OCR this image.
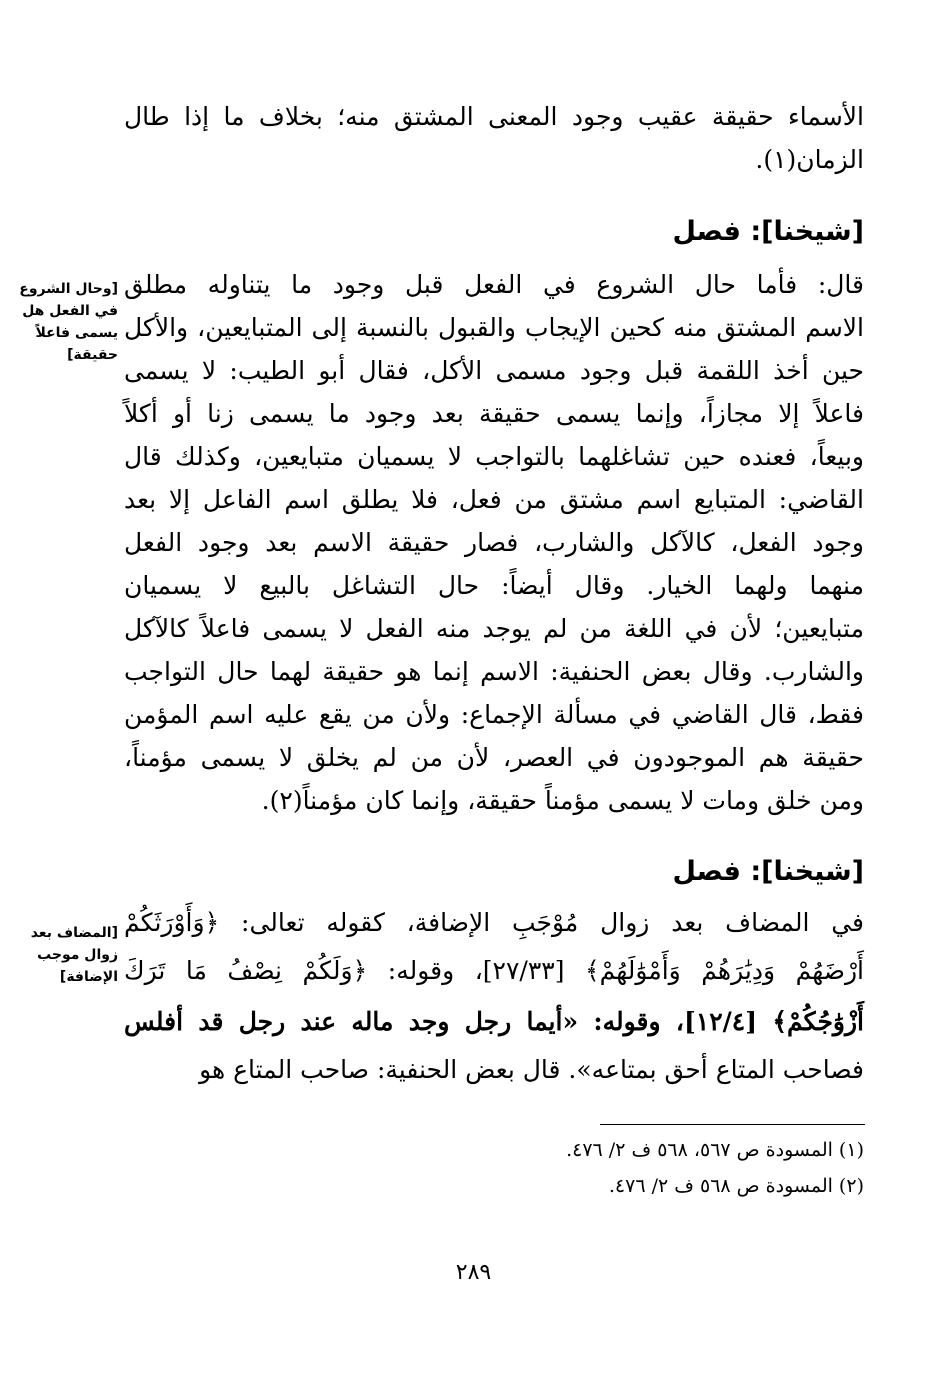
الأسماء حقيقة عقيب وجود المعنى المشتق منه؛ بخلاف ما إذا طال
الزمان(١).
[شيخنا]: فصل
قال: فأما حال الشروع في الفعل قبل وجود ما يتناوله مطلق
الاسم المشتق منه كحين الإيجاب والقبول بالنسبة إلى المتبايعين، والأكل
حين أخذ اللقمة قبل وجود مسمى الأكل، فقال أبو الطيب: لا يسمى
فاعلاً إلا مجازاً، وإنما يسمى حقيقة بعد وجود ما يسمى زنا أو أكلاً
وبيعاً، فعنده حين تشاغلهما بالتواجب لا يسميان متبايعين، وكذلك قال
القاضي: المتبايع اسم مشتق من فعل، فلا يطلق اسم الفاعل إلا بعد
وجود الفعل، كالآكل والشارب، فصار حقيقة الاسم بعد وجود الفعل
منهما ولهما الخيار. وقال أيضاً: حال التشاغل بالبيع لا يسميان
متبايعين؛ لأن في اللغة من لم يوجد منه الفعل لا يسمى فاعلاً كالآكل
والشارب. وقال بعض الحنفية: الاسم إنما هو حقيقة لهما حال التواجب
فقط، قال القاضي في مسألة الإجماع: ولأن من يقع عليه اسم المؤمن
حقيقة هم الموجودون في العصر، لأن من لم يخلق لا يسمى مؤمناً،
ومن خلق ومات لا يسمى مؤمناً حقيقة، وإنما كان مؤمناً(٢).
[وحال الشروع في الفعل هل يسمى فاعلاً حقيقة]
[شيخنا]: فصل
في المضاف بعد زوال مُوْجَبِ الإضافة، كقوله تعالى: ﴿وَأَوْرَثَكُمْ
أَرْضَهُمْ وَدِيَٰرَهُمْ وَأَمْوَٰلَهُمْ﴾ [٢٧/٣٣]، وقوله: ﴿وَلَكُمْ نِصْفُ مَا تَرَكَ
أَزْوَٰجُكُمْ﴾ [١٢/٤]، وقوله: «أيما رجل وجد ماله عند رجل قد أفلس
فصاحب المتاع أحق بمتاعه». قال بعض الحنفية: صاحب المتاع هو
[المضاف بعد زوال موجب الإضافة]
(١) المسودة ص ٥٦٧، ٥٦٨ ف ٢/ ٤٧٦.
(٢) المسودة ص ٥٦٨ ف ٢/ ٤٧٦.
٢٨٩
